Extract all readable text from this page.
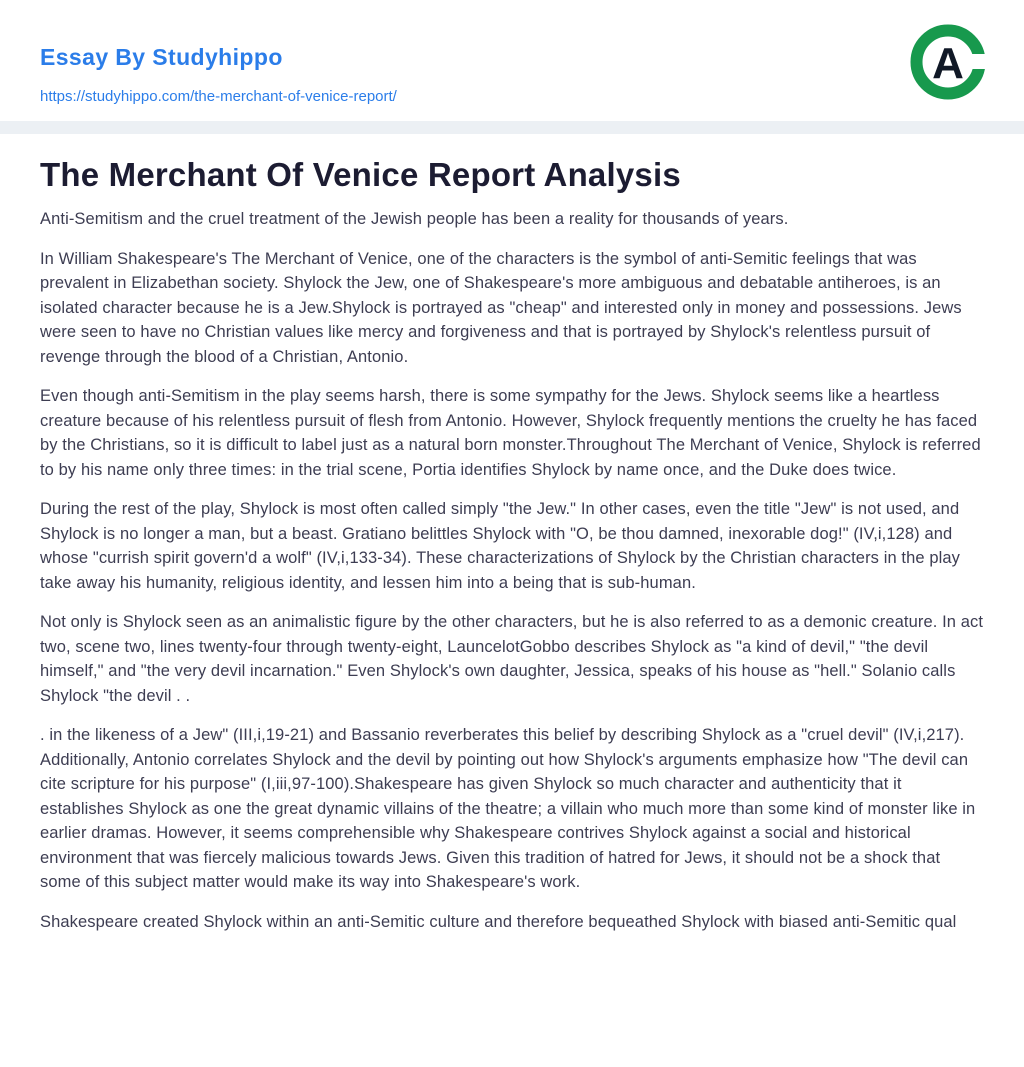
Essay By Studyhippo
https://studyhippo.com/the-merchant-of-venice-report/
A
The Merchant Of Venice Report Analysis

Anti-Semitism and the cruel treatment of the Jewish people has been a reality for thousands of years.

In William Shakespeare's The Merchant of Venice, one of the characters is the symbol of anti-Semitic feelings that was prevalent in Elizabethan society. Shylock the Jew, one of Shakespeare's more ambiguous and debatable antiheroes, is an isolated character because he is a Jew.Shylock is portrayed as "cheap" and interested only in money and possessions. Jews were seen to have no Christian values like mercy and forgiveness and that is portrayed by Shylock's relentless pursuit of revenge through the blood of a Christian, Antonio.

Even though anti-Semitism in the play seems harsh, there is some sympathy for the Jews. Shylock seems like a heartless creature because of his relentless pursuit of flesh from Antonio. However, Shylock frequently mentions the cruelty he has faced by the Christians, so it is difficult to label just as a natural born monster.Throughout The Merchant of Venice, Shylock is referred to by his name only three times: in the trial scene, Portia identifies Shylock by name once, and the Duke does twice.

During the rest of the play, Shylock is most often called simply "the Jew." In other cases, even the title "Jew" is not used, and Shylock is no longer a man, but a beast. Gratiano belittles Shylock with "O, be thou damned, inexorable dog!" (IV,i,128) and whose "currish spirit govern'd a wolf" (IV,i,133-34). These characterizations of Shylock by the Christian characters in the play take away his humanity, religious identity, and lessen him into a being that is sub-human.

Not only is Shylock seen as an animalistic figure by the other characters, but he is also referred to as a demonic creature. In act two, scene two, lines twenty-four through twenty-eight, LauncelotGobbo describes Shylock as "a kind of devil," "the devil himself," and "the very devil incarnation." Even Shylock's own daughter, Jessica, speaks of his house as "hell." Solanio calls Shylock "the devil . .

. in the likeness of a Jew" (III,i,19-21) and Bassanio reverberates this belief by describing Shylock as a "cruel devil" (IV,i,217). Additionally, Antonio correlates Shylock and the devil by pointing out how Shylock's arguments emphasize how "The devil can cite scripture for his purpose" (I,iii,97-100).Shakespeare has given Shylock so much character and authenticity that it establishes Shylock as one the great dynamic villains of the theatre; a villain who much more than some kind of monster like in earlier dramas. However, it seems comprehensible why Shakespeare contrives Shylock against a social and historical environment that was fiercely malicious towards Jews. Given this tradition of hatred for Jews, it should not be a shock that some of this subject matter would make its way into Shakespeare's work.

Shakespeare created Shylock within an anti-Semitic culture and therefore bequeathed Shylock with biased anti-Semitic qual
